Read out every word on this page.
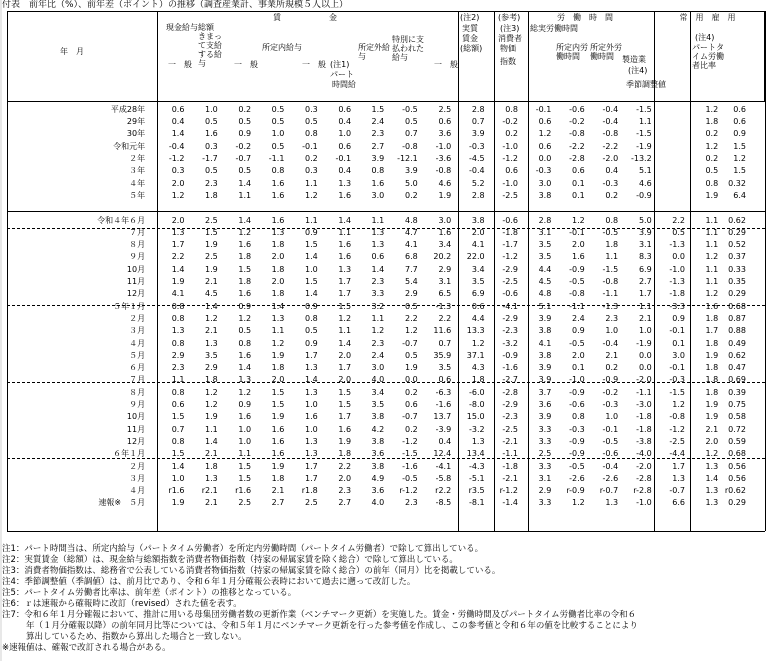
付表　前年比（%）、前年差（ポイント）の推移（調査産業計、事業所規模５人以上）
賃　　　　　　金	(注2)
実質
賃金
(総額)
(参考)
(注3)
消費者
物価
指数
労　働　時　間	常　用　雇　用
年　月
現金給与総額
きまって支給する給与
所定内給与	所定外給与
特別に支払われた給与
一　般	一　般	一　般	一　般
(注1)
パート
時間給
総実労働時間
所定内労働時間
所定外労働時間	製造業
(注4)
季節調整値
(注4)
パートタイム労働者比率
平成28年	0.6	1.0	0.2	0.5	0.3	0.6	1.5	-0.5	2.5	2.8	0.8	-0.1	-0.6	-0.4	-1.5		1.2	0.6
29年	0.4	0.5	0.5	0.5	0.5	0.4	2.4	0.5	0.6	0.7	-0.2	0.6	-0.2	-0.4	1.1		1.8	0.6
30年	1.4	1.6	0.9	1.0	0.8	1.0	2.3	0.7	3.6	3.9	0.2	1.2	-0.8	-0.8	-1.5		0.2	0.9
令和元年	-0.4	0.3	-0.2	0.5	-0.1	0.6	2.7	-0.8	-1.0	-0.3	-1.0	0.6	-2.2	-2.2	-1.9		1.2	1.5
２年	-1.2	-1.7	-0.7	-1.1	0.2	-0.1	3.9	-12.1	-3.6	-4.5	-1.2	0.0	-2.8	-2.0	-13.2		0.2	1.2
３年	0.3	0.5	0.5	0.8	0.3	0.4	0.8	3.9	-0.8	-0.4	0.6	-0.3	0.6	0.4	5.1		0.5	1.5
４年	2.0	2.3	1.4	1.6	1.1	1.3	1.6	5.0	4.6	5.2	-1.0	3.0	0.1	-0.3	4.6		0.8	0.32
５年	1.2	1.8	1.1	1.6	1.2	1.6	3.0	0.2	1.9	2.8	-2.5	3.8	0.1	0.2	-0.9		1.9	6.4

令和４年６月	2.0	2.5	1.4	1.6	1.1	1.4	1.1	4.8	3.0	3.8	-0.6	2.8	1.2	0.8	5.0	2.2	1.1	0.62
７月	1.3	1.5	1.2	1.3	0.9	1.1	1.3	4.7	1.6	2.0	-1.8	3.1	-0.1	-0.5	3.9	0.5	1.1	0.29
８月	1.7	1.9	1.6	1.8	1.5	1.6	1.3	4.1	3.4	4.1	-1.7	3.5	2.0	1.8	3.1	-1.3	1.1	0.52
９月	2.2	2.5	1.8	2.0	1.4	1.6	0.6	6.8	20.2	22.0	-1.2	3.5	1.6	1.1	8.3	0.0	1.2	0.37
10月	1.4	1.9	1.5	1.8	1.0	1.3	1.4	7.7	2.9	3.4	-2.9	4.4	-0.9	-1.5	6.9	-1.0	1.1	0.33
11月	1.9	2.1	1.8	2.0	1.5	1.7	2.3	5.4	3.1	3.5	-2.5	4.5	-0.5	-0.8	2.7	-1.3	1.1	0.35
12月	4.1	4.5	1.6	1.8	1.4	1.7	3.3	2.9	6.5	6.9	-0.6	4.8	-0.8	-1.1	1.7	-1.8	1.2	0.29
５年１月	0.8	1.4	0.9	1.4	0.9	1.5	3.2	0.5	-1.3	0.6	-4.1	5.1	-1.1	-1.3	1.1	-3.3	1.6	0.68
２月	0.8	1.2	1.2	1.3	0.8	1.2	1.1	2.2	2.2	4.4	-2.9	3.9	2.4	2.3	2.1	0.9	1.8	0.87
３月	1.3	2.1	0.5	1.1	0.5	1.1	1.2	1.2	11.6	13.3	-2.3	3.8	0.9	1.0	1.0	-0.1	1.7	0.88
４月	0.8	1.3	0.8	1.2	0.9	1.4	2.3	-0.7	0.7	1.2	-3.2	4.1	-0.5	-0.4	-1.9	0.1	1.8	0.49
５月	2.9	3.5	1.6	1.9	1.7	2.0	2.4	0.5	35.9	37.1	-0.9	3.8	2.0	2.1	0.0	3.0	1.9	0.62
６月	2.3	2.9	1.4	1.8	1.3	1.7	3.0	1.9	3.5	4.3	-1.6	3.9	0.1	0.2	0.0	-0.1	1.8	0.47
７月	1.1	1.8	1.3	2.0	1.4	2.0	4.0	0.0	0.6	1.8	-2.7	3.9	-1.0	-0.9	-2.0	-0.3	1.8	0.69
８月	0.8	1.2	1.2	1.5	1.3	1.5	3.4	0.2	-6.3	-6.0	-2.8	3.7	-0.9	-0.2	-1.1	-1.5	1.8	0.39
９月	0.6	1.2	0.9	1.5	1.0	1.5	3.5	0.6	-1.6	-8.0	-2.9	3.6	-0.6	-0.3	-3.0	1.2	1.9	0.75
10月	1.5	1.9	1.6	1.9	1.6	1.7	3.8	-0.7	13.7	15.0	-2.3	3.9	0.8	1.0	-1.8	-0.8	1.9	0.58
11月	0.7	1.1	1.0	1.6	1.0	1.6	4.2	0.2	-3.9	-3.2	-2.5	3.3	-0.3	-0.1	-1.8	-1.2	2.1	0.72
12月	0.8	1.4	1.0	1.6	1.3	1.9	3.8	-1.2	0.4	1.3	-2.1	3.3	-0.9	-0.5	-3.8	-2.5	2.0	0.59
６年１月	1.5	2.1	1.1	1.6	1.3	1.8	3.6	-1.5	12.4	13.4	-1.1	2.5	-0.9	-0.6	-4.0	-4.4	1.2	0.68
２月	1.4	1.8	1.5	1.9	1.7	2.2	3.8	-1.6	-4.1	-4.3	-1.8	3.3	-0.5	-0.4	-2.0	1.7	1.3	0.56
３月	1.0	1.3	1.5	1.8	1.7	2.0	4.9	-0.5	-5.8	-5.1	-2.1	3.1	-2.6	-2.6	-2.8	1.3	1.4	0.56
４月	r1.6	r2.1	r1.6	2.1	r1.8	2.3	3.6	r-1.2	r2.2	r3.5	r-1.2	2.9	r-0.9	r-0.7	r-2.8	-0.7	1.3	r0.62
速報※　５月	1.9	2.1	2.5	2.7	2.5	2.7	4.0	2.3	-8.5	-8.1	-1.4	3.3	1.2	1.3	-1.0	6.6	1.3	0.29
注1：パート時間当は、所定内給与（パートタイム労働者）を所定内労働時間（パートタイム労働者）で除して算出している。
注2：実質賃金（総額）は、現金給与総額指数を消費者物価指数（持家の帰属家賃を除く総合）で除して算出している。
注3：消費者物価指数は、総務省で公表している消費者物価指数（持家の帰属家賃を除く総合）の前年（同月）比を掲載している。
注4：季節調整値（季調値）は、前月比であり、令和６年１月分確報公表時において過去に遡って改訂した。
注5：パートタイム労働者比率は、前年差（ポイント）の推移となっている。
注6：ｒは速報から確報時に改訂（revised）された値を表す。
注7：令和６年１月分確報において、推計に用いる母集団労働者数の更新作業（ベンチマーク更新）を実施した。賃金・労働時間及びパートタイム労働者比率の令和６
年（１月分確報以降）の前年同月比等については、令和５年１月にベンチマーク更新を行った参考値を作成し、この参考値と令和６年の値を比較することにより
算出しているため、指数から算出した場合と一致しない。
※速報値は、確報で改訂される場合がある。
